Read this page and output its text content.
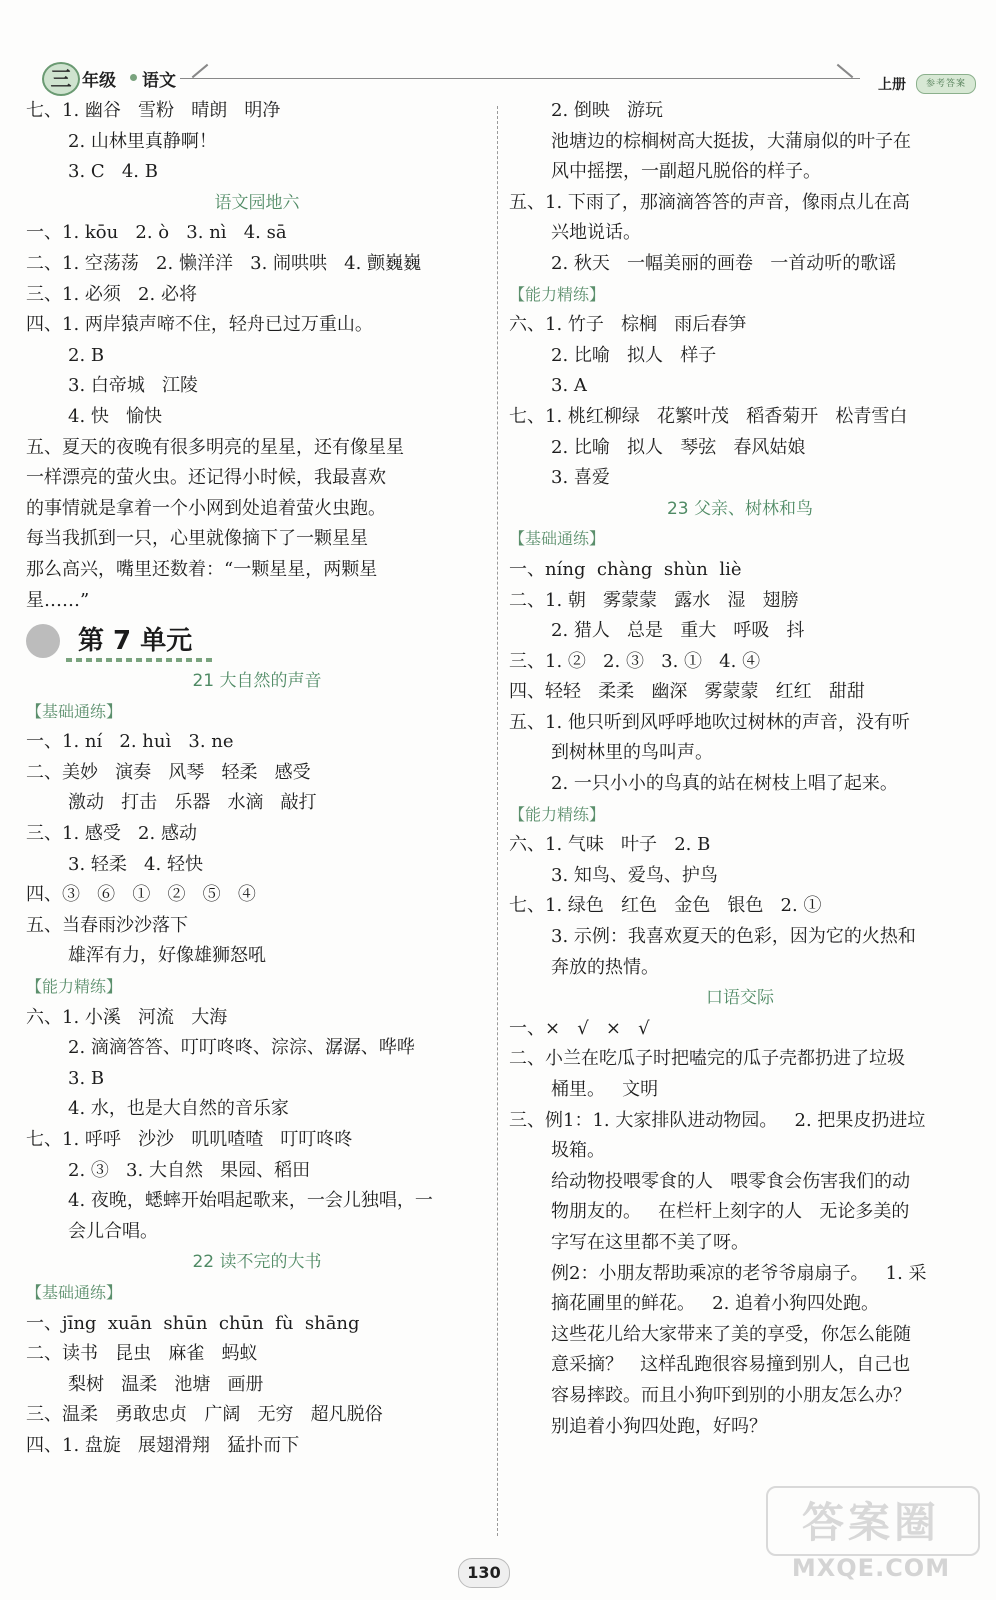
三 年级 语文	上册	参考答案
七、1. 幽谷   雪粉   晴朗   明净
2. 山林里真静啊！
3. C   4. B
语文园地六
一、1. kōu   2. ò   3. nì   4. sā
二、1. 空荡荡   2. 懒洋洋   3. 闹哄哄   4. 颤巍巍
三、1. 必须   2. 必将
四、1. 两岸猿声啼不住，轻舟已过万重山。
2. B
3. 白帝城   江陵
4. 快   愉快
五、夏天的夜晚有很多明亮的星星，还有像星星
一样漂亮的萤火虫。还记得小时候，我最喜欢
的事情就是拿着一个小网到处追着萤火虫跑。
每当我抓到一只，心里就像摘下了一颗星星
那么高兴，嘴里还数着：“一颗星星，两颗星
星……”
第 7 单元
21 大自然的声音
【基础通练】
一、1. ní   2. huì   3. ne
二、美妙   演奏   风琴   轻柔   感受
激动   打击   乐器   水滴   敲打
三、1. 感受   2. 感动
3. 轻柔   4. 轻快
四、③   ⑥   ①   ②   ⑤   ④
五、当春雨沙沙落下
雄浑有力，好像雄狮怒吼
【能力精练】
六、1. 小溪   河流   大海
2. 滴滴答答、叮叮咚咚、淙淙、潺潺、哗哗
3. B
4. 水，也是大自然的音乐家
七、1. 呼呼   沙沙   叽叽喳喳   叮叮咚咚
2. ③   3. 大自然   果园、稻田
4. 夜晚，蟋蟀开始唱起歌来，一会儿独唱，一
会儿合唱。
22 读不完的大书
【基础通练】
一、jīng  xuān  shūn  chūn  fù  shāng
二、读书   昆虫   麻雀   蚂蚁
梨树   温柔   池塘   画册
三、温柔   勇敢忠贞   广阔   无穷   超凡脱俗
四、1. 盘旋   展翅滑翔   猛扑而下
2. 倒映   游玩
池塘边的棕榈树高大挺拔，大蒲扇似的叶子在
风中摇摆，一副超凡脱俗的样子。
五、1. 下雨了，那滴滴答答的声音，像雨点儿在高
兴地说话。
2. 秋天   一幅美丽的画卷   一首动听的歌谣
【能力精练】
六、1. 竹子   棕榈   雨后春笋
2. 比喻   拟人   样子
3. A
七、1. 桃红柳绿   花繁叶茂   稻香菊开   松青雪白
2. 比喻   拟人   琴弦   春风姑娘
3. 喜爱
23 父亲、树林和鸟
【基础通练】
一、níng  chàng  shùn  liè
二、1. 朝   雾蒙蒙   露水   湿   翅膀
2. 猎人   总是   重大   呼吸   抖
三、1. ②   2. ③   3. ①   4. ④
四、轻轻   柔柔   幽深   雾蒙蒙   红红   甜甜
五、1. 他只听到风呼呼地吹过树林的声音，没有听
到树林里的鸟叫声。
2. 一只小小的鸟真的站在树枝上唱了起来。
【能力精练】
六、1. 气味   叶子   2. B
3. 知鸟、爱鸟、护鸟
七、1. 绿色   红色   金色   银色   2. ①
3. 示例：我喜欢夏天的色彩，因为它的火热和
奔放的热情。
口语交际
一、×   √   ×   √
二、小兰在吃瓜子时把嗑完的瓜子壳都扔进了垃圾
桶里。   文明
三、例1：1. 大家排队进动物园。   2. 把果皮扔进垃
圾箱。
给动物投喂零食的人   喂零食会伤害我们的动
物朋友的。   在栏杆上刻字的人   无论多美的
字写在这里都不美了呀。
例2：小朋友帮助乘凉的老爷爷扇扇子。   1. 采
摘花圃里的鲜花。   2. 追着小狗四处跑。
这些花儿给大家带来了美的享受，你怎么能随
意采摘？   这样乱跑很容易撞到别人，自己也
容易摔跤。而且小狗吓到别的小朋友怎么办？
别追着小狗四处跑，好吗？
130
答案圈
MXQE.COM
